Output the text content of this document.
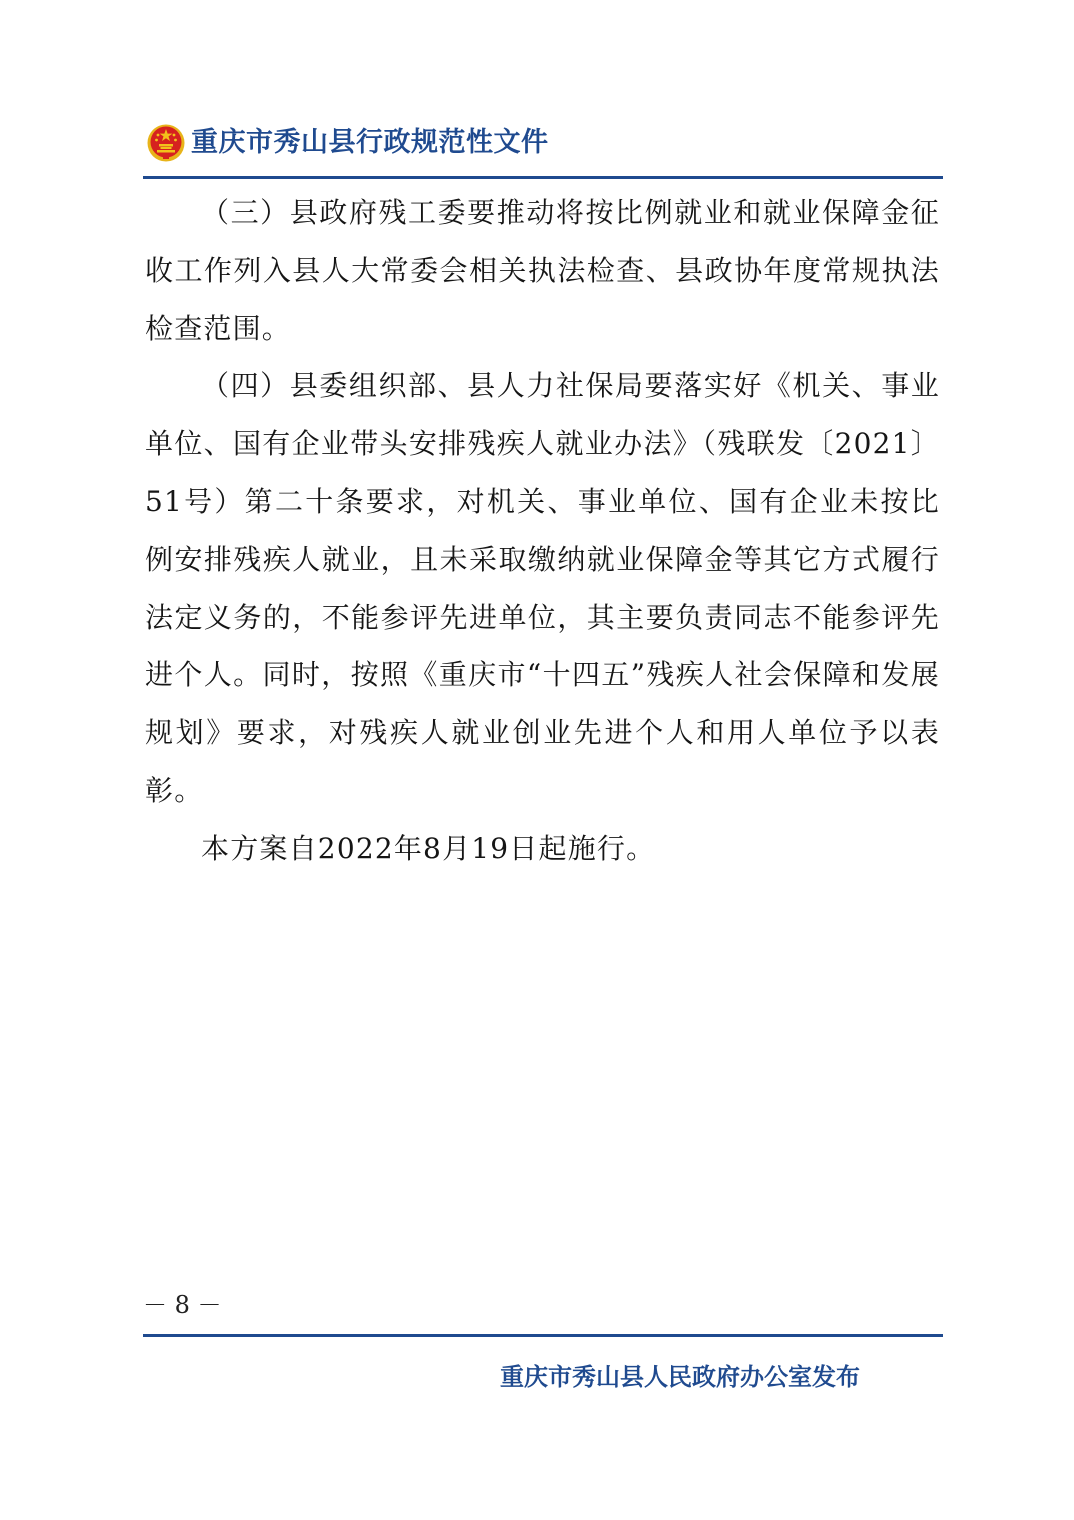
重庆市秀山县行政规范性文件

（三）县政府残工委要推动将按比例就业和就业保障金征收工作列入县人大常委会相关执法检查、县政协年度常规执法检查范围。

（四）县委组织部、县人力社保局要落实好《机关、事业单位、国有企业带头安排残疾人就业办法》（残联发〔2021〕51号）第二十条要求，对机关、事业单位、国有企业未按比例安排残疾人就业，且未采取缴纳就业保障金等其它方式履行法定义务的，不能参评先进单位，其主要负责同志不能参评先进个人。同时，按照《重庆市“十四五”残疾人社会保障和发展规划》要求，对残疾人就业创业先进个人和用人单位予以表彰。

本方案自2022年8月19日起施行。

－ 8 －
重庆市秀山县人民政府办公室发布
